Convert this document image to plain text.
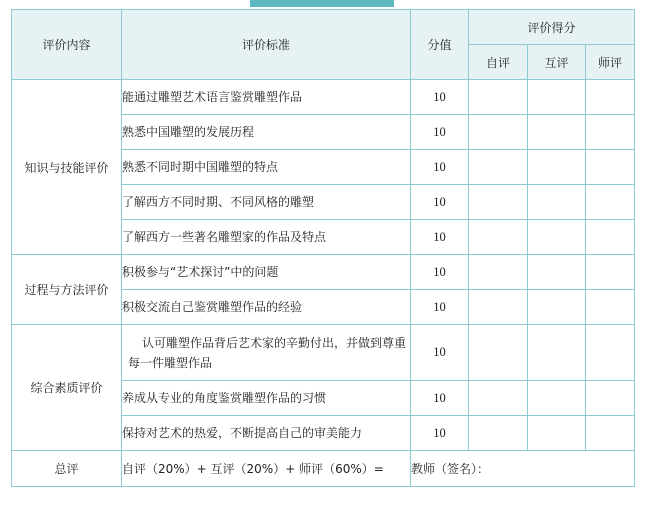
评价内容	评价标准	分值	评价得分		
			自评	互评	师评
知识与技能评价	能通过雕塑艺术语言鉴赏雕塑作品	10			
	熟悉中国雕塑的发展历程	10			
	熟悉不同时期中国雕塑的特点	10			
	了解西方不同时期、不同风格的雕塑	10			
	了解西方一些著名雕塑家的作品及特点	10			
过程与方法评价	积极参与“艺术探讨”中的问题	10			
	积极交流自己鉴赏雕塑作品的经验	10			
综合素质评价	认可雕塑作品背后艺术家的辛勤付出，并做到尊重每一件雕塑作品	10			
	养成从专业的角度鉴赏雕塑作品的习惯	10			
	保持对艺术的热爱，不断提高自己的审美能力	10			
总评	自评（20%）+ 互评（20%）+ 师评（60%）=	教师（签名）：			
